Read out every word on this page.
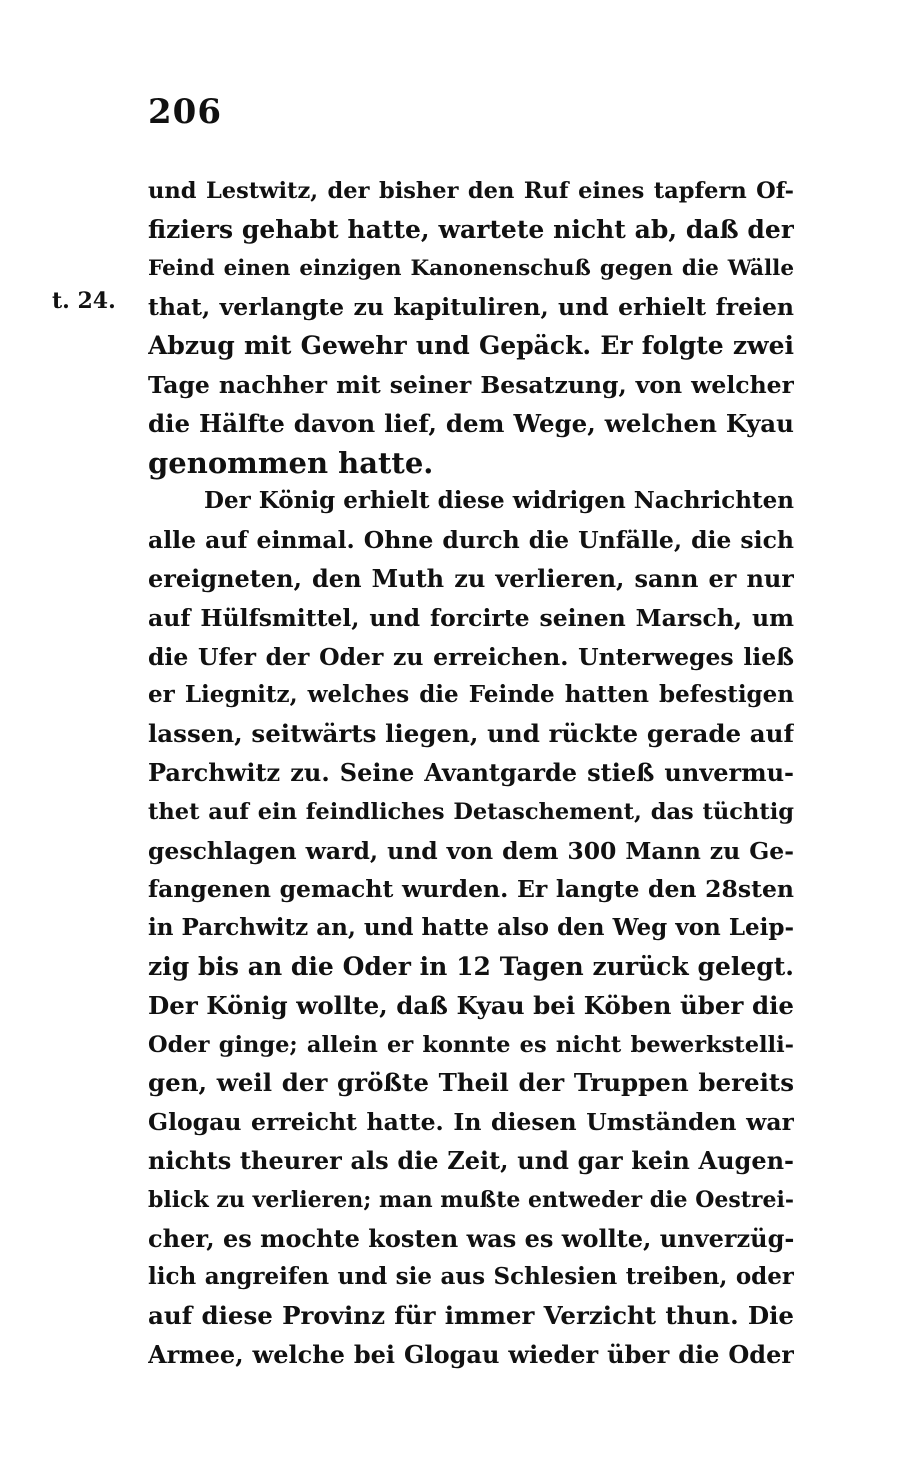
206
t. 24.
und Lestwitz, der bisher den Ruf eines tapfern Of-
fiziers gehabt hatte, wartete nicht ab, daß der
Feind einen einzigen Kanonenschuß gegen die Wälle
that, verlangte zu kapituliren, und erhielt freien
Abzug mit Gewehr und Gepäck. Er folgte zwei
Tage nachher mit seiner Besatzung, von welcher
die Hälfte davon lief, dem Wege, welchen Kyau
genommen hatte.
Der König erhielt diese widrigen Nachrichten
alle auf einmal. Ohne durch die Unfälle, die sich
ereigneten, den Muth zu verlieren, sann er nur
auf Hülfsmittel, und forcirte seinen Marsch, um
die Ufer der Oder zu erreichen. Unterweges ließ
er Liegnitz, welches die Feinde hatten befestigen
lassen, seitwärts liegen, und rückte gerade auf
Parchwitz zu. Seine Avantgarde stieß unvermu-
thet auf ein feindliches Detaschement, das tüchtig
geschlagen ward, und von dem 300 Mann zu Ge-
fangenen gemacht wurden. Er langte den 28sten
in Parchwitz an, und hatte also den Weg von Leip-
zig bis an die Oder in 12 Tagen zurück gelegt.
Der König wollte, daß Kyau bei Köben über die
Oder ginge; allein er konnte es nicht bewerkstelli-
gen, weil der größte Theil der Truppen bereits
Glogau erreicht hatte. In diesen Umständen war
nichts theurer als die Zeit, und gar kein Augen-
blick zu verlieren; man mußte entweder die Oestrei-
cher, es mochte kosten was es wollte, unverzüg-
lich angreifen und sie aus Schlesien treiben, oder
auf diese Provinz für immer Verzicht thun. Die
Armee, welche bei Glogau wieder über die Oder
